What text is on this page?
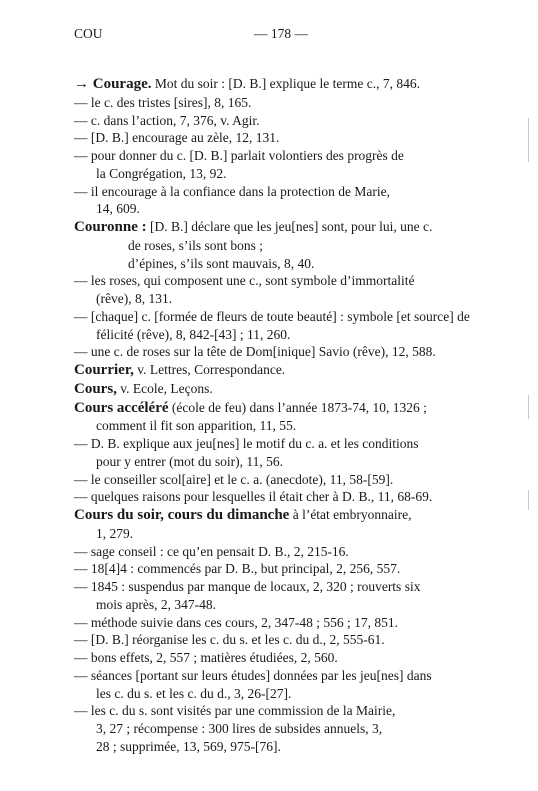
COU	— 178 —

→ Courage. Mot du soir : [D. B.] explique le terme c., 7, 846.

— le c. des tristes [sires], 8, 165.

— c. dans l’action, 7, 376, v. Agir.

— [D. B.] encourage au zèle, 12, 131.

— pour donner du c. [D. B.] parlait volontiers des progrès de

la Congrégation, 13, 92.

— il encourage à la confiance dans la protection de Marie,

14, 609.

Couronne : [D. B.] déclare que les jeu[nes] sont, pour lui, une c.

de roses, s’ils sont bons ;

d’épines, s’ils sont mauvais, 8, 40.

— les roses, qui composent une c., sont symbole d’immortalité

(rêve), 8, 131.

— [chaque] c. [formée de fleurs de toute beauté] : symbole [et source] de

félicité (rêve), 8, 842-[43] ; 11, 260.

— une c. de roses sur la tête de Dom[inique] Savio (rêve), 12, 588.

Courrier, v. Lettres, Correspondance.

Cours, v. Ecole, Leçons.

Cours accéléré (école de feu) dans l’année 1873-74, 10, 1326 ;

comment il fit son apparition, 11, 55.

— D. B. explique aux jeu[nes] le motif du c. a. et les conditions

pour y entrer (mot du soir), 11, 56.

— le conseiller scol[aire] et le c. a. (anecdote), 11, 58-[59].

— quelques raisons pour lesquelles il était cher à D. B., 11, 68-69.

Cours du soir, cours du dimanche à l’état embryonnaire,

1, 279.

— sage conseil : ce qu’en pensait D. B., 2, 215-16.

— 18[4]4 : commencés par D. B., but principal, 2, 256, 557.

— 1845 : suspendus par manque de locaux, 2, 320 ; rouverts six

mois après, 2, 347-48.

— méthode suivie dans ces cours, 2, 347-48 ; 556 ; 17, 851.

— [D. B.] réorganise les c. du s. et les c. du d., 2, 555-61.

— bons effets, 2, 557 ; matières étudiées, 2, 560.

— séances [portant sur leurs études] données par les jeu[nes] dans

les c. du s. et les c. du d., 3, 26-[27].

— les c. du s. sont visités par une commission de la Mairie,

3, 27 ; récompense : 300 lires de subsides annuels, 3,

28 ; supprimée, 13, 569, 975-[76].
